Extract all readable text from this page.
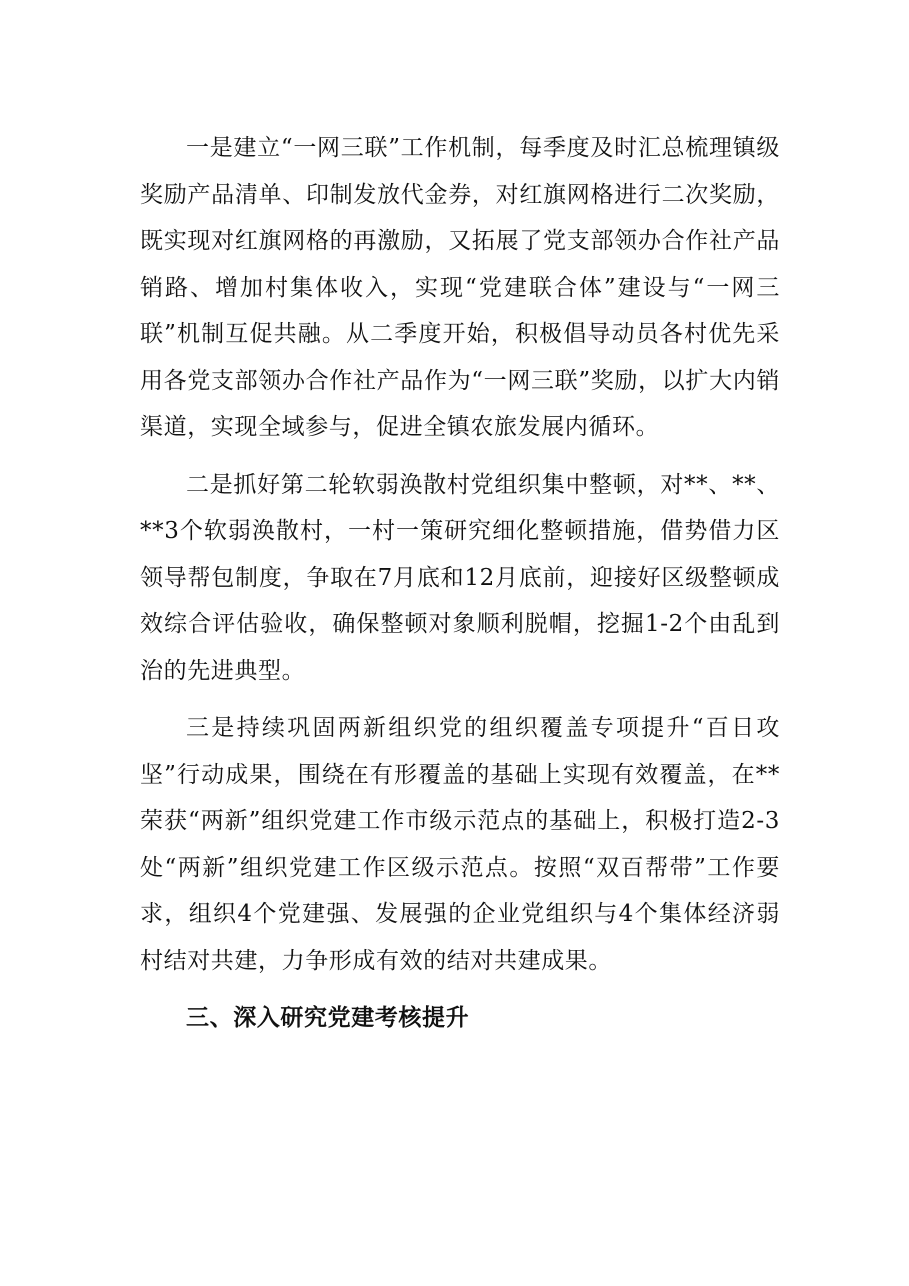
一是建立“一网三联”工作机制，每季度及时汇总梳理镇级奖励产品清单、印制发放代金券，对红旗网格进行二次奖励，既实现对红旗网格的再激励，又拓展了党支部领办合作社产品销路、增加村集体收入，实现“党建联合体”建设与“一网三联”机制互促共融。从二季度开始，积极倡导动员各村优先采用各党支部领办合作社产品作为“一网三联”奖励，以扩大内销渠道，实现全域参与，促进全镇农旅发展内循环。

二是抓好第二轮软弱涣散村党组织集中整顿，对**、**、**3个软弱涣散村，一村一策研究细化整顿措施，借势借力区领导帮包制度，争取在7月底和12月底前，迎接好区级整顿成效综合评估验收，确保整顿对象顺利脱帽，挖掘1-2个由乱到治的先进典型。

三是持续巩固两新组织党的组织覆盖专项提升“百日攻坚”行动成果，围绕在有形覆盖的基础上实现有效覆盖，在**荣获“两新”组织党建工作市级示范点的基础上，积极打造2-3处“两新”组织党建工作区级示范点。按照“双百帮带”工作要求，组织4个党建强、发展强的企业党组织与4个集体经济弱村结对共建，力争形成有效的结对共建成果。

三、深入研究党建考核提升
